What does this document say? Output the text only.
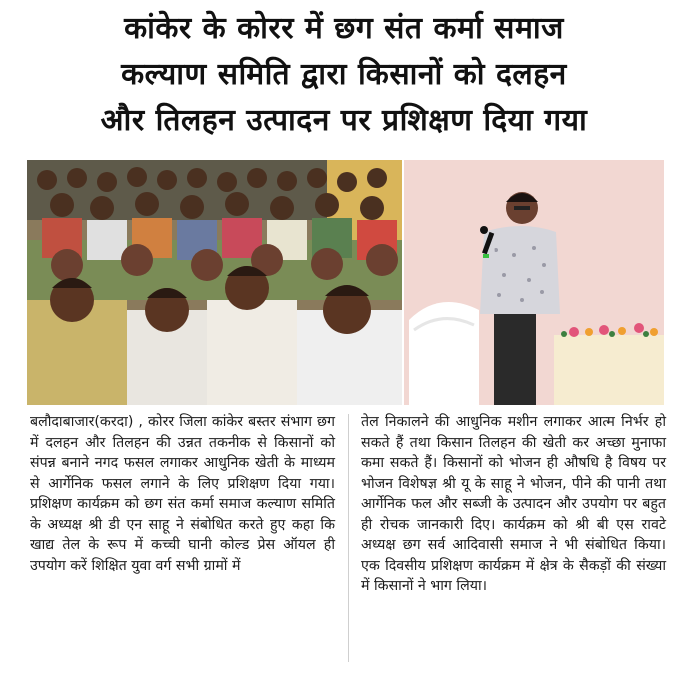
कांकेर के कोरर में छग संत कर्मा समाज
कल्याण समिति द्वारा किसानों को दलहन
और तिलहन उत्पादन पर प्रशिक्षण दिया गया
बलौदाबाजार(करदा) , कोरर जिला कांकेर बस्तर संभाग छग में दलहन और तिलहन की उन्नत तकनीक से किसानों को संपन्न बनाने नगद फसल लगाकर आधुनिक खेती के माध्यम से आर्गेनिक फसल लगाने के लिए प्रशिक्षण दिया गया। प्रशिक्षण कार्यक्रम को छग संत कर्मा समाज कल्याण समिति के अध्यक्ष श्री डी एन साहू ने संबोधित करते हुए कहा कि खाद्य तेल के रूप में कच्ची घानी कोल्ड प्रेस ऑयल ही उपयोग करें शिक्षित युवा वर्ग सभी ग्रामों में
तेल निकालने की आधुनिक मशीन लगाकर आत्म निर्भर हो सकते हैं तथा किसान तिलहन की खेती कर अच्छा मुनाफा कमा सकते हैं। किसानों को भोजन ही औषधि है विषय पर भोजन विशेषज्ञ श्री यू के साहू ने भोजन, पीने की पानी तथा आर्गेनिक फल और सब्जी के उत्पादन और उपयोग पर बहुत ही रोचक जानकारी दिए। कार्यक्रम को श्री बी एस रावटे अध्यक्ष छग सर्व आदिवासी समाज ने भी संबोधित किया। एक दिवसीय प्रशिक्षण कार्यक्रम में क्षेत्र के सैकड़ों की संख्या में किसानों ने भाग लिया।
